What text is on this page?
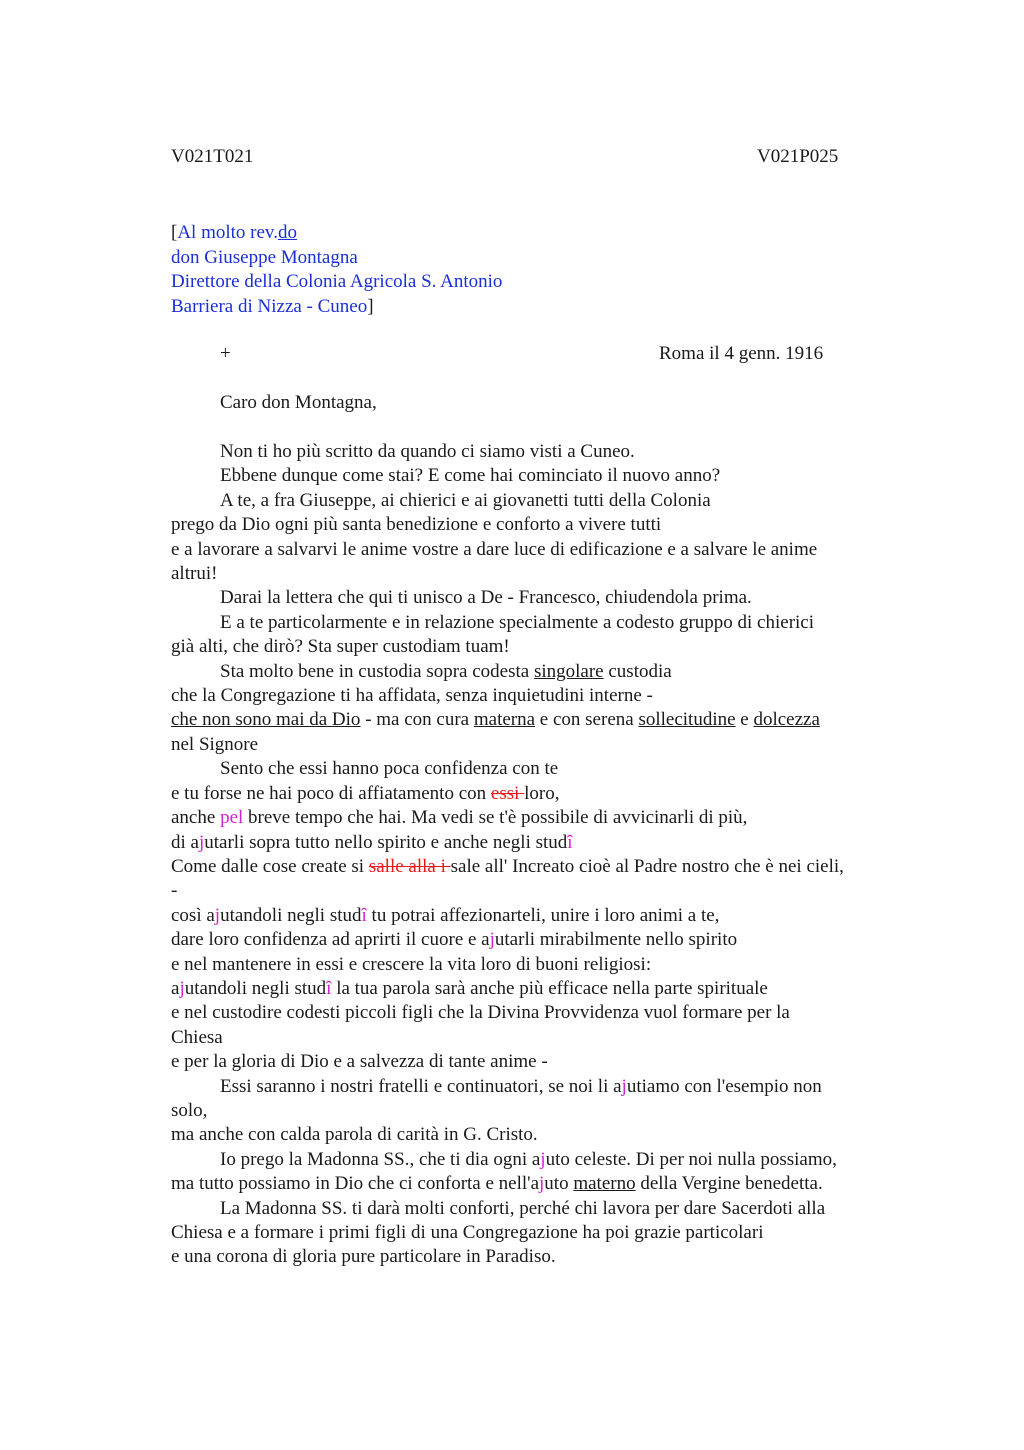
V021T021	V021P025
[Al molto rev.do
don Giuseppe Montagna
Direttore della Colonia Agricola S. Antonio
Barriera di Nizza - Cuneo]
+	Roma il 4 genn. 1916
Caro don Montagna,
Non ti ho più scritto da quando ci siamo visti a Cuneo.
Ebbene dunque come stai? E come hai cominciato il nuovo anno?
A te, a fra Giuseppe, ai chierici e ai giovanetti tutti della Colonia
prego da Dio ogni più santa benedizione e conforto a vivere tutti
e a lavorare a salvarvi le anime vostre a dare luce di edificazione e a salvare le anime
altrui!
Darai la lettera che qui ti unisco a De - Francesco, chiudendola prima.
E a te particolarmente e in relazione specialmente a codesto gruppo di chierici
già alti, che dirò? Sta super custodiam tuam!
Sta molto bene in custodia sopra codesta singolare custodia
che la Congregazione ti ha affidata, senza inquietudini interne -
che non sono mai da Dio - ma con cura materna e con serena sollecitudine e dolcezza
nel Signore
Sento che essi hanno poca confidenza con te
e tu forse ne hai poco di affiatamento con essi loro,
anche pel breve tempo che hai. Ma vedi se t'è possibile di avvicinarli di più,
di ajutarli sopra tutto nello spirito e anche negli studî
Come dalle cose create si salle alla i sale all' Increato cioè al Padre nostro che è nei cieli,
-
così ajutandoli negli studî tu potrai affezionarteli, unire i loro animi a te,
dare loro confidenza ad aprirti il cuore e ajutarli mirabilmente nello spirito
e nel mantenere in essi e crescere la vita loro di buoni religiosi:
ajutandoli negli studî la tua parola sarà anche più efficace nella parte spirituale
e nel custodire codesti piccoli figli che la Divina Provvidenza vuol formare per la
Chiesa
e per la gloria di Dio e a salvezza di tante anime -
Essi saranno i nostri fratelli e continuatori, se noi li ajutiamo con l'esempio non
solo,
ma anche con calda parola di carità in G. Cristo.
Io prego la Madonna SS., che ti dia ogni ajuto celeste. Di per noi nulla possiamo,
ma tutto possiamo in Dio che ci conforta e nell'ajuto materno della Vergine benedetta.
La Madonna SS. ti darà molti conforti, perché chi lavora per dare Sacerdoti alla
Chiesa e a formare i primi figli di una Congregazione ha poi grazie particolari
e una corona di gloria pure particolare in Paradiso.
